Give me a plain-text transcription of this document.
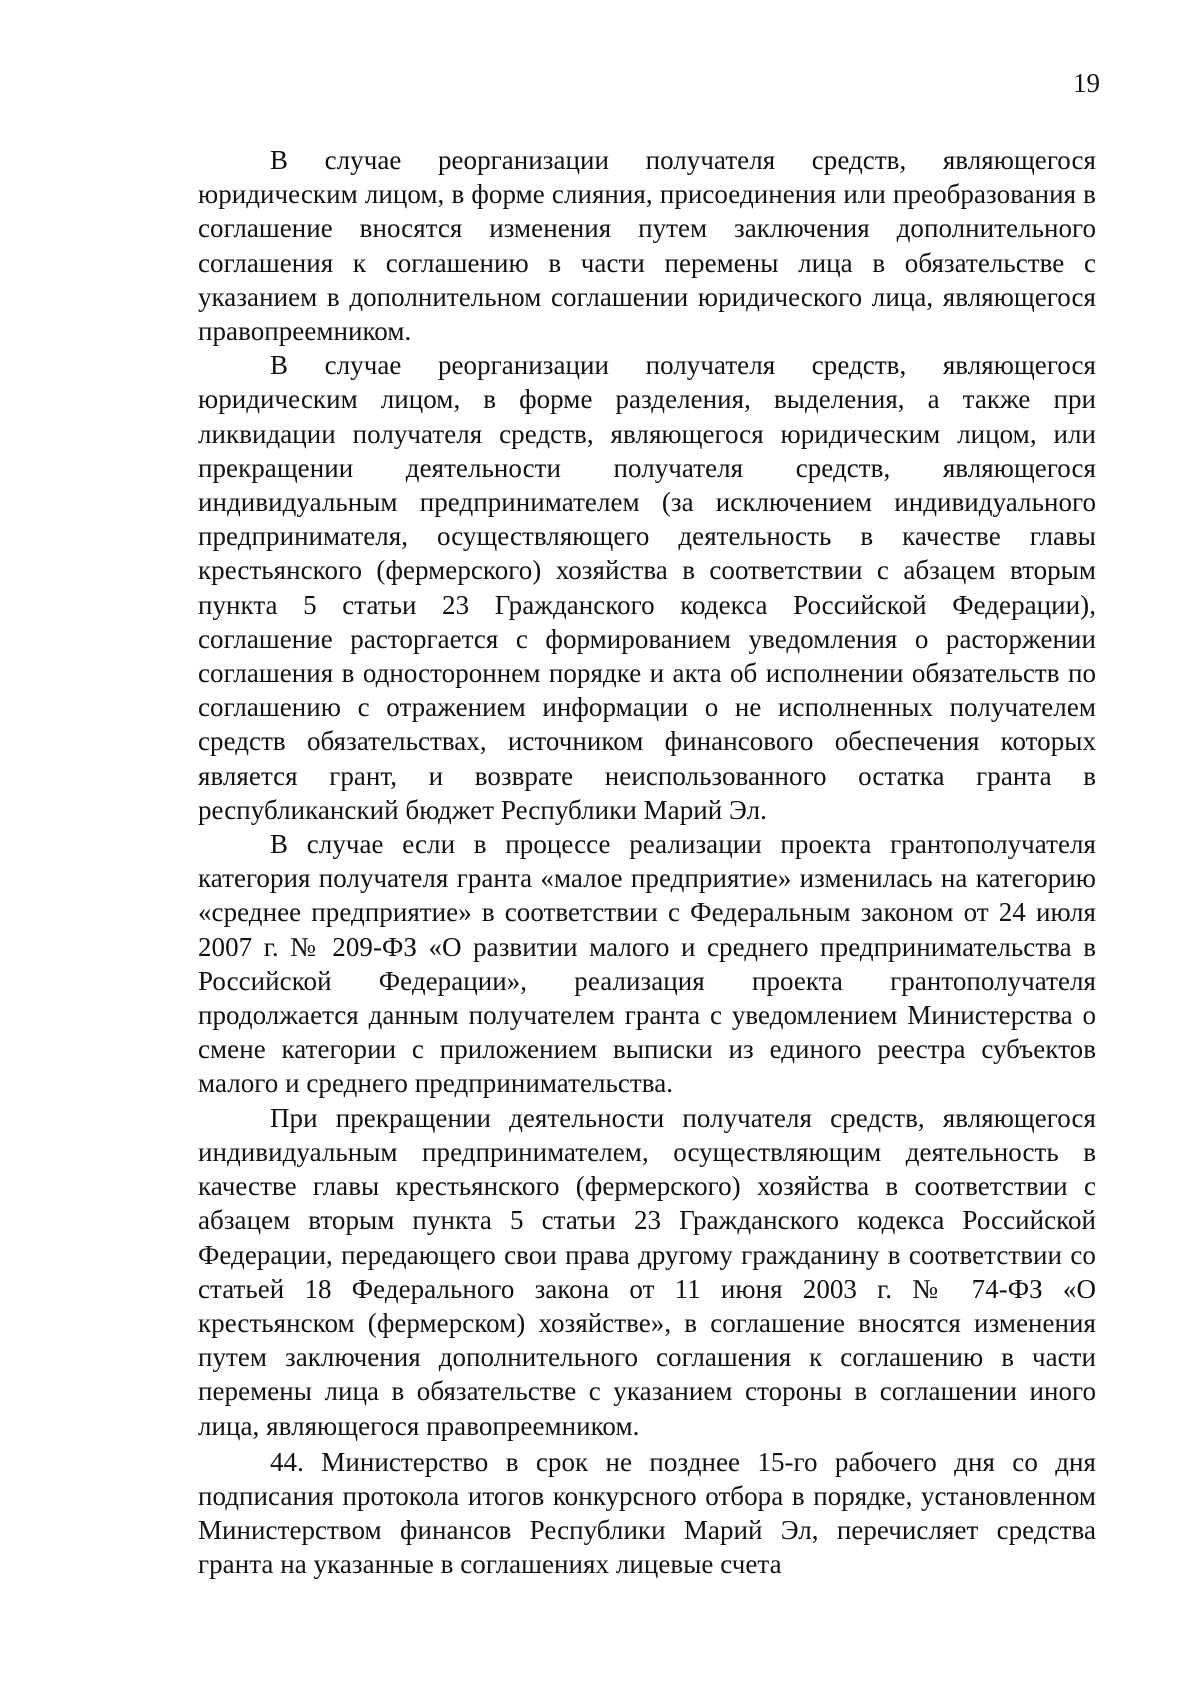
19

В случае реорганизации получателя средств, являющегося юридическим лицом, в форме слияния, присоединения или преобразования в соглашение вносятся изменения путем заключения дополнительного соглашения к соглашению в части перемены лица в обязательстве с указанием в дополнительном соглашении юридического лица, являющегося правопреемником.

В случае реорганизации получателя средств, являющегося юридическим лицом, в форме разделения, выделения, а также при ликвидации получателя средств, являющегося юридическим лицом, или прекращении деятельности получателя средств, являющегося индивидуальным предпринимателем (за исключением индивидуального предпринимателя, осуществляющего деятельность в качестве главы крестьянского (фермерского) хозяйства в соответствии с абзацем вторым пункта 5 статьи 23 Гражданского кодекса Российской Федерации), соглашение расторгается с формированием уведомления о расторжении соглашения в одностороннем порядке и акта об исполнении обязательств по соглашению с отражением информации о не исполненных получателем средств обязательствах, источником финансового обеспечения которых является грант, и возврате неиспользованного остатка гранта в республиканский бюджет Республики Марий Эл.

В случае если в процессе реализации проекта грантополучателя категория получателя гранта «малое предприятие» изменилась на категорию «среднее предприятие» в соответствии с Федеральным законом от 24 июля 2007 г. № 209-ФЗ «О развитии малого и среднего предпринимательства в Российской Федерации», реализация проекта грантополучателя продолжается данным получателем гранта с уведомлением Министерства о смене категории с приложением выписки из единого реестра субъектов малого и среднего предпринимательства.

При прекращении деятельности получателя средств, являющегося индивидуальным предпринимателем, осуществляющим деятельность в качестве главы крестьянского (фермерского) хозяйства в соответствии с абзацем вторым пункта 5 статьи 23 Гражданского кодекса Российской Федерации, передающего свои права другому гражданину в соответствии со статьей 18 Федерального закона от 11 июня 2003 г. № 74-ФЗ «О крестьянском (фермерском) хозяйстве», в соглашение вносятся изменения путем заключения дополнительного соглашения к соглашению в части перемены лица в обязательстве с указанием стороны в соглашении иного лица, являющегося правопреемником.

44. Министерство в срок не позднее 15-го рабочего дня со дня подписания протокола итогов конкурсного отбора в порядке, установленном Министерством финансов Республики Марий Эл, перечисляет средства гранта на указанные в соглашениях лицевые счета
